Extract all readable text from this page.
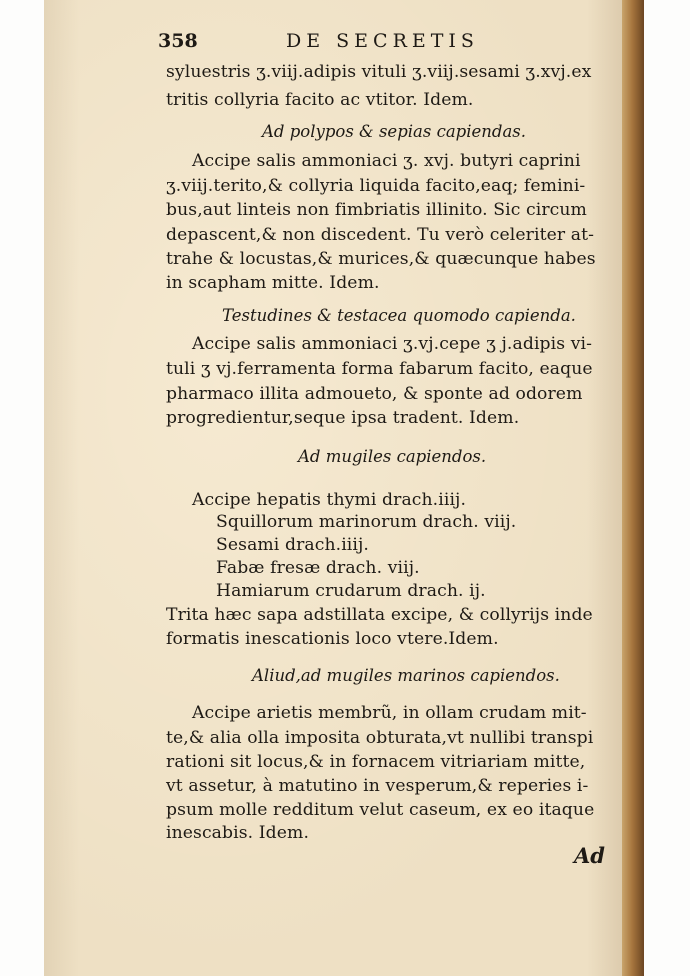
358	DE SECRETIS
syluestris ʒ.viij.adipis vituli ʒ.viij.sesami ʒ.xvj.ex
tritis collyria facito ac vtitor. Idem.
Ad polypos & sepias capiendas.
Accipe salis ammoniaci ʒ. xvj. butyri caprini
ʒ.viij.terito,& collyria liquida facito,eaq; femini-
bus,aut linteis non fimbriatis illinito. Sic circum
depascent,& non discedent. Tu verò celeriter at-
trahe & locustas,& murices,& quæcunque habes
in scapham mitte. Idem.
Testudines & testacea quomodo capienda.
Accipe salis ammoniaci ʒ.vj.cepe ʒ j.adipis vi-
tuli ʒ vj.ferramenta forma fabarum facito, eaque
pharmaco illita admoueto, & sponte ad odorem
progredientur,seque ipsa tradent. Idem.
Ad mugiles capiendos.
Accipe hepatis thymi drach.iiij.
Squillorum marinorum drach. viij.
Sesami drach.iiij.
Fabæ fresæ drach. viij.
Hamiarum crudarum drach. ij.
Trita hæc sapa adstillata excipe, & collyrijs inde
formatis inescationis loco vtere.Idem.
Aliud,ad mugiles marinos capiendos.
Accipe arietis membrũ, in ollam crudam mit-
te,& alia olla imposita obturata,vt nullibi transpi
rationi sit locus,& in fornacem vitriariam mitte,
vt assetur, à matutino in vesperum,& reperies i-
psum molle redditum velut caseum, ex eo itaque
inescabis. Idem.
Ad
